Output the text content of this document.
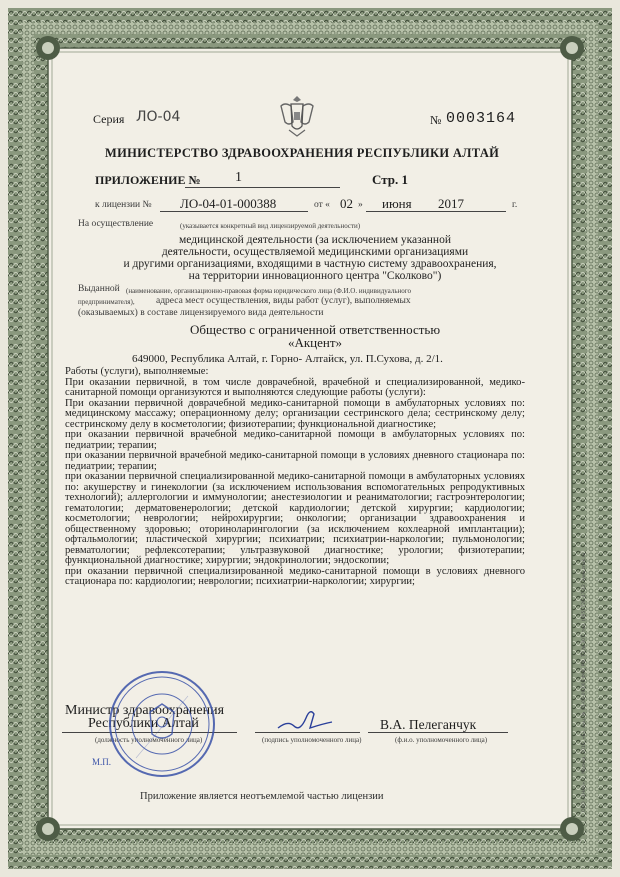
Серия ЛО-04	№ 0003164
МИНИСТЕРСТВО ЗДРАВООХРАНЕНИЯ РЕСПУБЛИКИ АЛТАЙ
ПРИЛОЖЕНИЕ № 1	Стр. 1
к лицензии № ЛО-04-01-000388	от « 02 » июня 2017	г.
На осуществление	(указывается конкретный вид лицензируемой деятельности)
медицинской деятельности (за исключением указанной
деятельности, осуществляемой медицинскими организациями
и другими организациями, входящими в частную систему здравоохранения,
на территории инновационного центра "Сколково")
Выданной (наименование, организационно-правовая форма юридического лица (Ф.И.О. индивидуального
предпринимателя), адреса мест осуществления, виды работ (услуг), выполняемых
(оказываемых) в составе лицензируемого вида деятельности
Общество с ограниченной ответственностью
«Акцент»
649000, Республика Алтай, г. Горно- Алтайск, ул. П.Сухова, д. 2/1.

Работы (услуги), выполняемые:

При оказании первичной, в том числе доврачебной, врачебной и специализированной, медико-санитарной помощи организуются и выполняются следующие работы (услуги):

При оказании первичной доврачебной медико-санитарной помощи в амбулаторных условиях по: медицинскому массажу; операционному делу; организации сестринского дела; сестринскому делу; сестринскому делу в косметологии; физиотерапии; функциональной диагностике;

при оказании первичной врачебной медико-санитарной помощи в амбулаторных условиях по: педиатрии; терапии;

при оказании первичной врачебной медико-санитарной помощи в условиях дневного стационара по: педиатрии; терапии;

при оказании первичной специализированной медико-санитарной помощи в амбулаторных условиях по: акушерству и гинекологии (за исключением использования вспомогательных репродуктивных технологий); аллергологии и иммунологии; анестезиологии и реаниматологии; гастроэнтерологии; гематологии; дерматовенерологии; детской кардиологии; детской хирургии; кардиологии; косметологии; неврологии; нейрохирургии; онкологии; организации здравоохранения и общественному здоровью; оториноларингологии (за исключением кохлеарной имплантации); офтальмологии; пластической хирургии; психиатрии; психиатрии-наркологии; пульмонологии; ревматологии; рефлексотерапии; ультразвуковой диагностике; урологии; физиотерапии; функциональной диагностике; хирургии; эндокринологии; эндоскопии;

при оказании первичной специализированной медико-санитарной помощи в условиях дневного стационара по: кардиологии; неврологии; психиатрии-наркологии; хирургии;

Министр здравоохранения
Республики Алтай
(должность уполномоченного лица)	(подпись уполномоченного лица)
В.А. Пелеганчук
(ф.и.о. уполномоченного лица)
М.П.
Приложение является неотъемлемой частью лицензии	ООО «ЗНАК», г. Москва, 2016, «Б», лиц. № 05-05-09/003 ФНС РФ, ТЗ № 307, тел. (495) 726-47-42, www.znak.ru
